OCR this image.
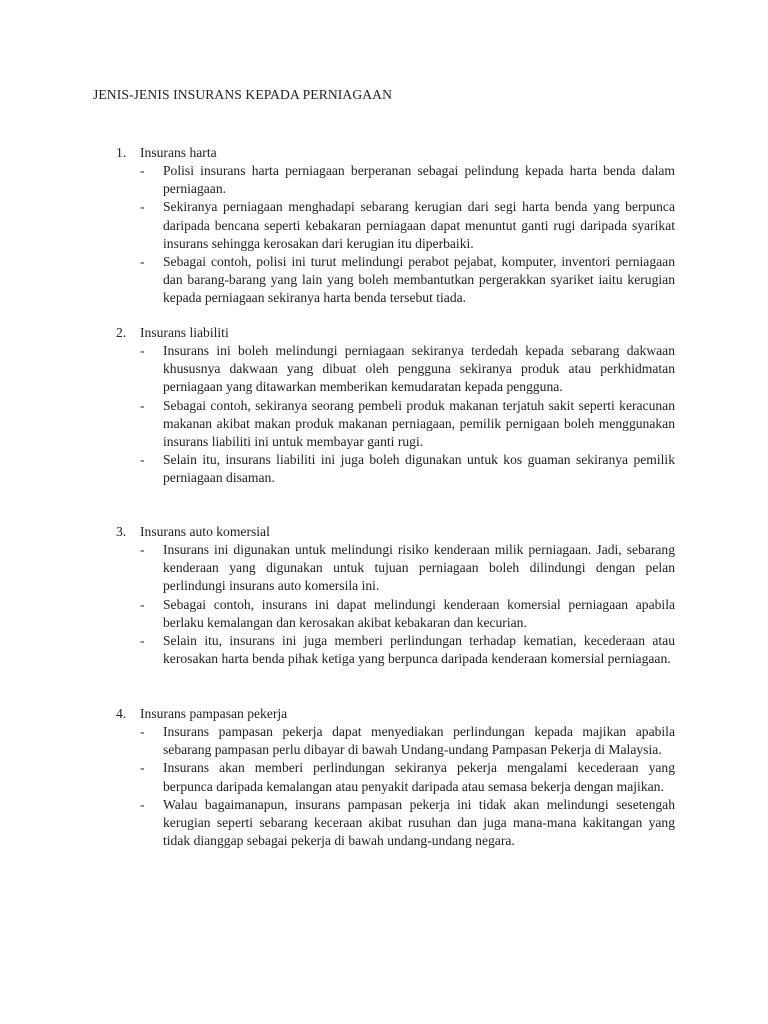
JENIS-JENIS INSURANS KEPADA PERNIAGAAN
1. Insurans harta
- Polisi insurans harta perniagaan berperanan sebagai pelindung kepada harta benda dalam perniagaan.
- Sekiranya perniagaan menghadapi sebarang kerugian dari segi harta benda yang berpunca daripada bencana seperti kebakaran perniagaan dapat menuntut ganti rugi daripada syarikat insurans sehingga kerosakan dari kerugian itu diperbaiki.
- Sebagai contoh, polisi ini turut melindungi perabot pejabat, komputer, inventori perniagaan dan barang-barang yang lain yang boleh membantutkan pergerakkan syariket iaitu kerugian kepada perniagaan sekiranya harta benda tersebut tiada.
2. Insurans liabiliti
- Insurans ini boleh melindungi perniagaan sekiranya terdedah kepada sebarang dakwaan khususnya dakwaan yang dibuat oleh pengguna sekiranya produk atau perkhidmatan perniagaan yang ditawarkan memberikan kemudaratan kepada pengguna.
- Sebagai contoh, sekiranya seorang pembeli produk makanan terjatuh sakit seperti keracunan makanan akibat makan produk makanan perniagaan, pemilik pernigaan boleh menggunakan insurans liabiliti ini untuk membayar ganti rugi.
- Selain itu, insurans liabiliti ini juga boleh digunakan untuk kos guaman sekiranya pemilik perniagaan disaman.
3. Insurans auto komersial
- Insurans ini digunakan untuk melindungi risiko kenderaan milik perniagaan. Jadi, sebarang kenderaan yang digunakan untuk tujuan perniagaan boleh dilindungi dengan pelan perlindungi insurans auto komersila ini.
- Sebagai contoh, insurans ini dapat melindungi kenderaan komersial perniagaan apabila berlaku kemalangan dan kerosakan akibat kebakaran dan kecurian.
- Selain itu, insurans ini juga memberi perlindungan terhadap kematian, kecederaan atau kerosakan harta benda pihak ketiga yang berpunca daripada kenderaan komersial perniagaan.
4. Insurans pampasan pekerja
- Insurans pampasan pekerja dapat menyediakan perlindungan kepada majikan apabila sebarang pampasan perlu dibayar di bawah Undang-undang Pampasan Pekerja di Malaysia.
- Insurans akan memberi perlindungan sekiranya pekerja mengalami kecederaan yang berpunca daripada kemalangan atau penyakit daripada atau semasa bekerja dengan majikan.
- Walau bagaimanapun, insurans pampasan pekerja ini tidak akan melindungi sesetengah kerugian seperti sebarang keceraan akibat rusuhan dan juga mana-mana kakitangan yang tidak dianggap sebagai pekerja di bawah undang-undang negara.
